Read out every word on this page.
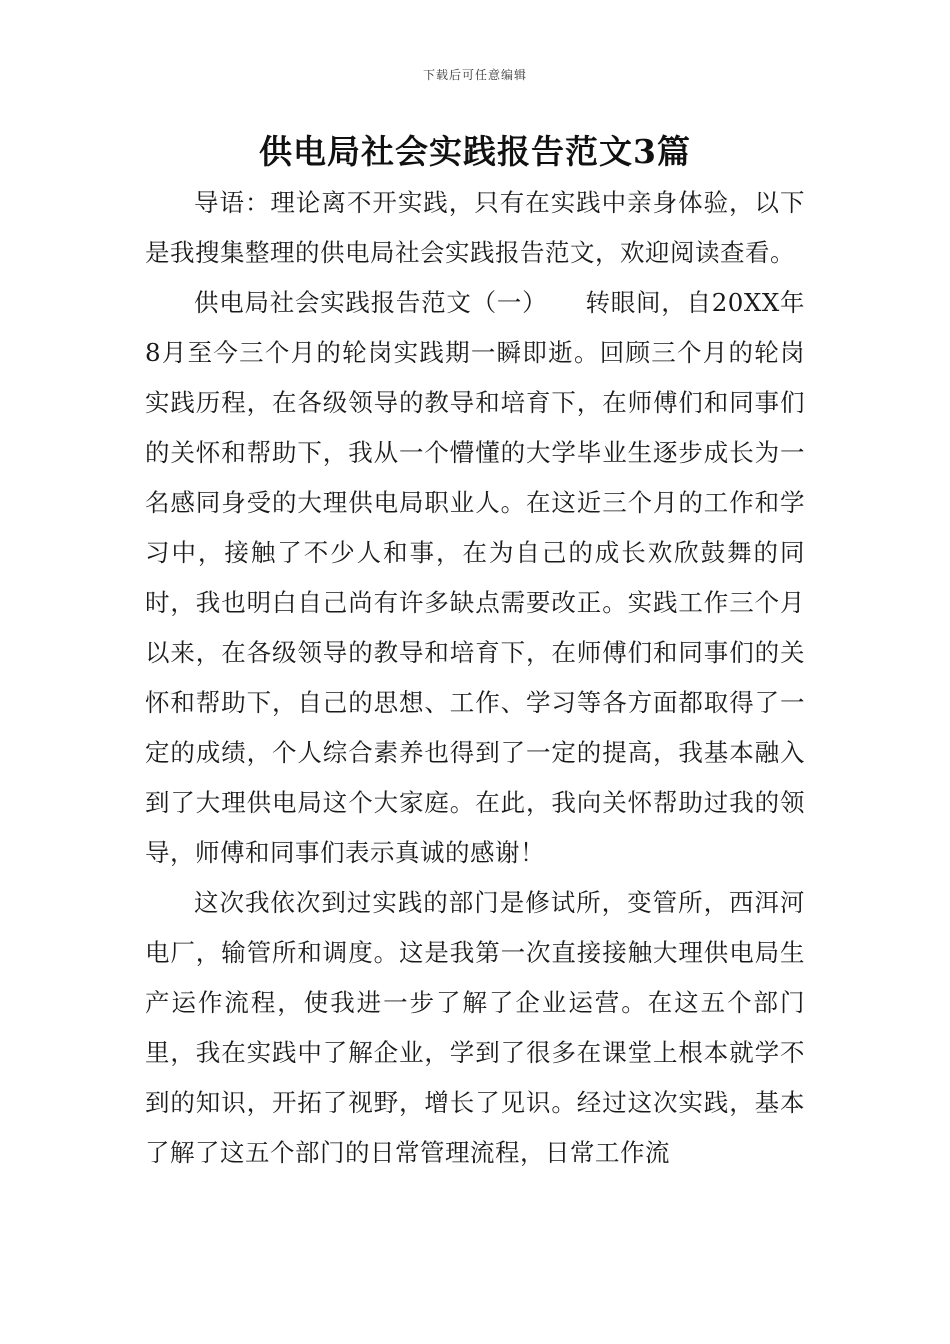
下载后可任意编辑
供电局社会实践报告范文3篇

导语：理论离不开实践，只有在实践中亲身体验，以下是我搜集整理的供电局社会实践报告范文，欢迎阅读查看。

供电局社会实践报告范文（一）　　转眼间，自20XX年8月至今三个月的轮岗实践期一瞬即逝。回顾三个月的轮岗实践历程，在各级领导的教导和培育下，在师傅们和同事们的关怀和帮助下，我从一个懵懂的大学毕业生逐步成长为一名感同身受的大理供电局职业人。在这近三个月的工作和学习中，接触了不少人和事，在为自己的成长欢欣鼓舞的同时，我也明白自己尚有许多缺点需要改正。实践工作三个月以来，在各级领导的教导和培育下，在师傅们和同事们的关怀和帮助下，自己的思想、工作、学习等各方面都取得了一定的成绩，个人综合素养也得到了一定的提高，我基本融入到了大理供电局这个大家庭。在此，我向关怀帮助过我的领导，师傅和同事们表示真诚的感谢！

这次我依次到过实践的部门是修试所，变管所，西洱河电厂，输管所和调度。这是我第一次直接接触大理供电局生产运作流程，使我进一步了解了企业运营。在这五个部门里，我在实践中了解企业，学到了很多在课堂上根本就学不到的知识，开拓了视野，增长了见识。经过这次实践，基本了解了这五个部门的日常管理流程，日常工作流
